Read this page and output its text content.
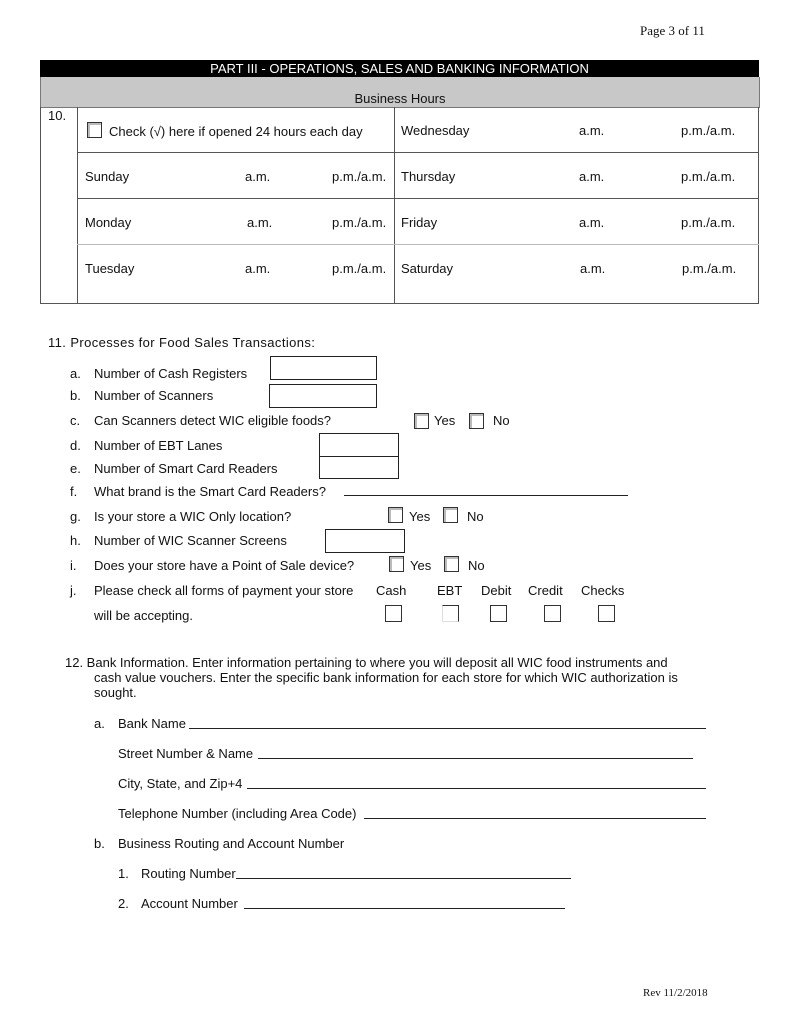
Page 3 of 11
PART III - OPERATIONS, SALES AND BANKING INFORMATION
Business Hours
10.
Check (√) here if opened 24 hours each day
Sunday	a.m.	p.m./a.m.
Monday	a.m.	p.m./a.m.
Tuesday	a.m.	p.m./a.m.
Wednesday	a.m.	p.m./a.m.
Thursday	a.m.	p.m./a.m.
Friday	a.m.	p.m./a.m.
Saturday	a.m.	p.m./a.m.
11. Processes for Food Sales Transactions:
a. Number of Cash Registers
b. Number of Scanners
c. Can Scanners detect WIC eligible foods?	Yes	No
d. Number of EBT Lanes
e. Number of Smart Card Readers
f. What brand is the Smart Card Readers?
g. Is your store a WIC Only location?	Yes	No
h. Number of WIC Scanner Screens
i. Does your store have a Point of Sale device?	Yes	No
j. Please check all forms of payment your store
will be accepting.
Cash EBT Debit Credit Checks
12. Bank Information. Enter information pertaining to where you will deposit all WIC food instruments and
cash value vouchers. Enter the specific bank information for each store for which WIC authorization is
sought.
a. Bank Name
Street Number & Name
City, State, and Zip+4
Telephone Number (including Area Code)
b. Business Routing and Account Number
1. Routing Number
2. Account Number
Rev 11/2/2018
